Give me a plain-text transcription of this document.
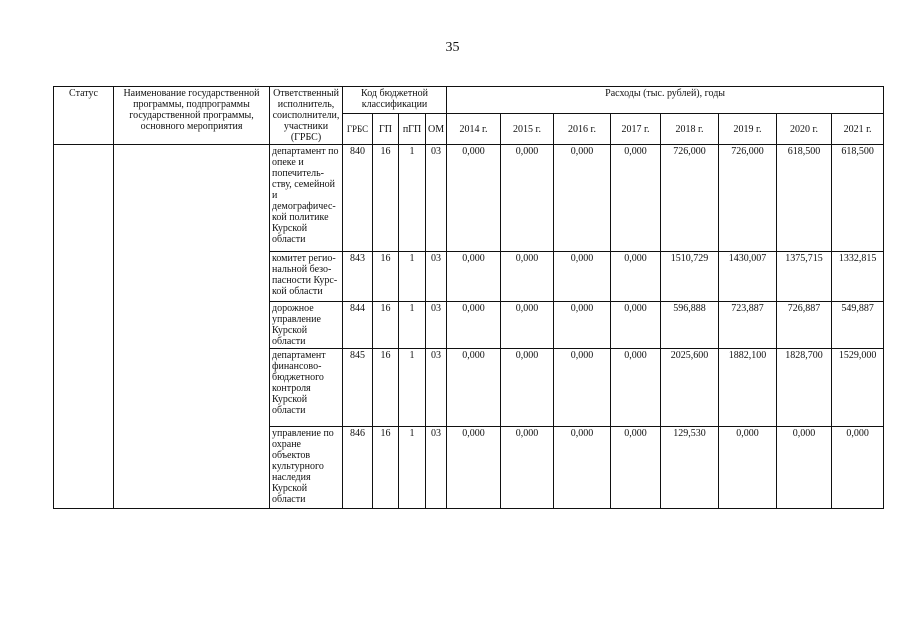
35
Статус	Наименование государственной программы, подпрограммы государственной программы, основного мероприятия	Ответственный исполнитель, соисполнители, участники (ГРБС)	Код бюджетной классификации				Расходы (тыс. рублей), годы							
			ГРБС	ГП	пГП	ОМ	2014 г.	2015 г.	2016 г.	2017 г.	2018 г.	2019 г.	2020 г.	2021 г.
		департамент по опеке и попечитель-ству, семейной и демографичес-кой политике Курской области	840	16	1	03	0,000	0,000	0,000	0,000	726,000	726,000	618,500	618,500
		комитет регио-нальной безо-пасности Курс-кой области	843	16	1	03	0,000	0,000	0,000	0,000	1510,729	1430,007	1375,715	1332,815
		дорожное управление Курской области	844	16	1	03	0,000	0,000	0,000	0,000	596,888	723,887	726,887	549,887
		департамент финансово-бюджетного контроля Курской области	845	16	1	03	0,000	0,000	0,000	0,000	2025,600	1882,100	1828,700	1529,000
		управление по охране объектов культурного наследия Курской области	846	16	1	03	0,000	0,000	0,000	0,000	129,530	0,000	0,000	0,000
